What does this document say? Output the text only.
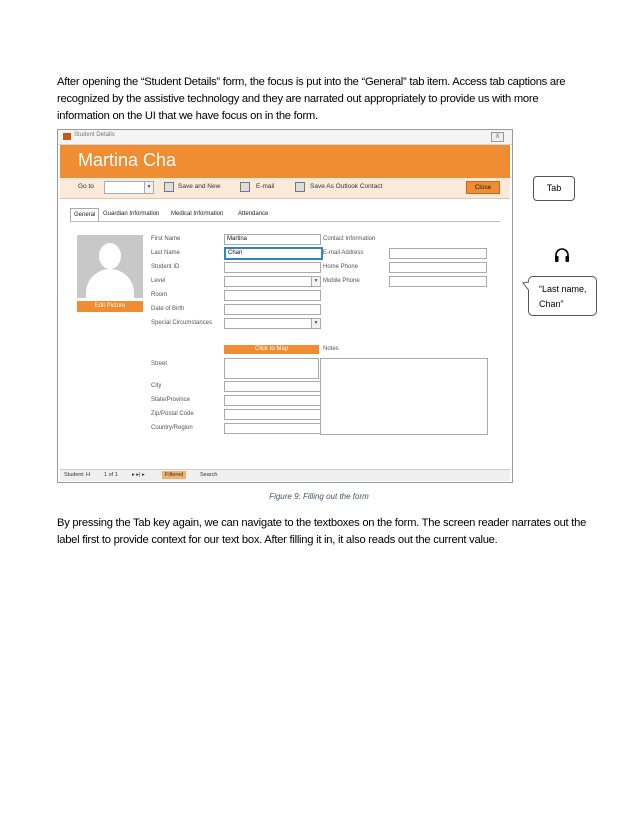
After opening the “Student Details” form, the focus is put into the “General” tab item. Access tab captions are recognized by the assistive technology and they are narrated out appropriately to provide us with more information on the UI that we have focus on in the form.
Student Details	X
Martina Cha
Go to	▼	Save and New	E-mail	Save As Outlook Contact	Close
General	Guardian Information	Medical Information	Attendance
Edit Picture
First Name	Martina
Last Name	Chan
Student ID
Level	▼
Room
Date of Birth
Special Circumstances	▼
Contact Information
E-mail Address
Home Phone
Mobile Phone
Click to Map	Notes
Street
City
State/Province
Zip/Postal Code
Country/Region
Student: H	1 of 1	▸ ▸| ▸	Filtered	Search
Figure 9: Filling out the form
Tab
“Last name,
Chan”
By pressing the Tab key again, we can navigate to the textboxes on the form. The screen reader narrates out the label first to provide context for our text box. After filling it in, it also reads out the current value.
